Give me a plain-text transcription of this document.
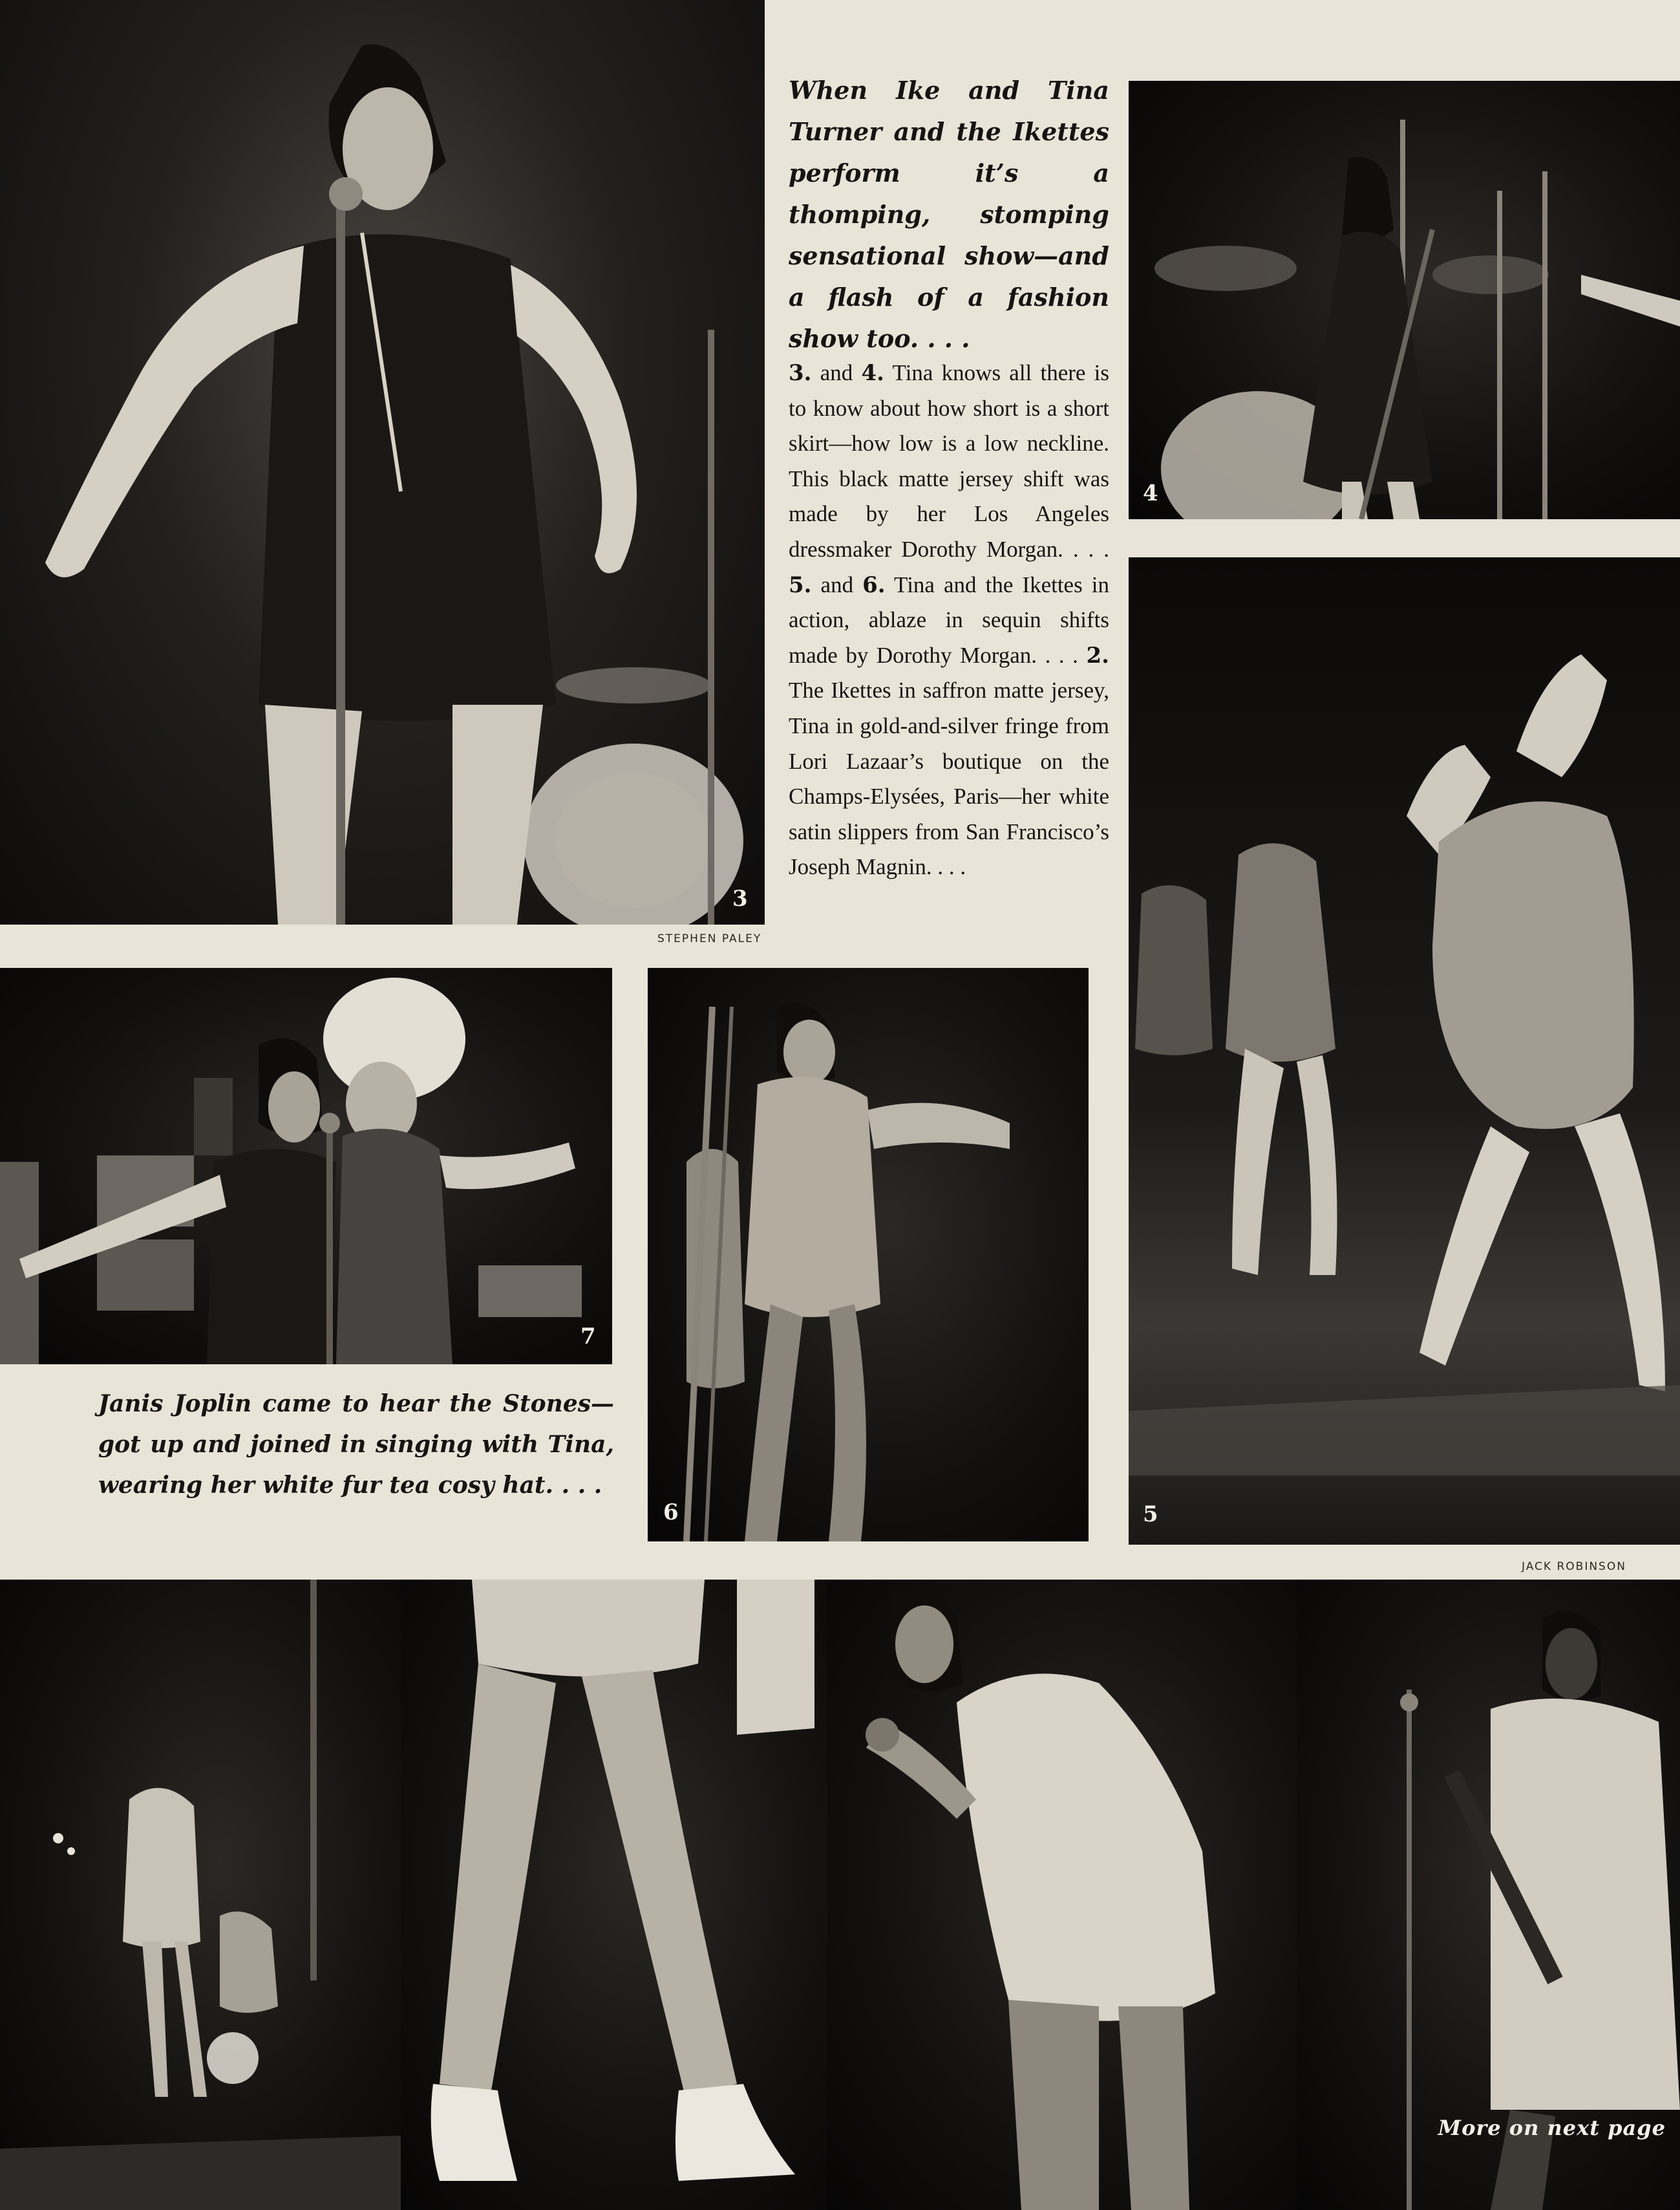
3
STEPHEN PALEY

When Ike and Tina Turner and the Ikettes perform it’s a thomping, stomping sensational show—and a flash of a fashion show too. . . .

3. and 4. Tina knows all there is to know about how short is a short skirt—how low is a low neckline. This black matte jersey shift was made by her Los Angeles dressmaker Dorothy Morgan. . . . 5. and 6. Tina and the Ikettes in action, ablaze in sequin shifts made by Dorothy Morgan. . . . 2. The Ikettes in saffron matte jersey, Tina in gold-and-silver fringe from Lori Lazaar’s boutique on the Champs-Elysées, Paris—her white satin slippers from San Francisco’s Joseph Magnin. . . .

4
5
JACK ROBINSON
7

Janis Joplin came to hear the Stones—got up and joined in singing with Tina, wearing her white fur tea cosy hat. . . .

6
More on next page
